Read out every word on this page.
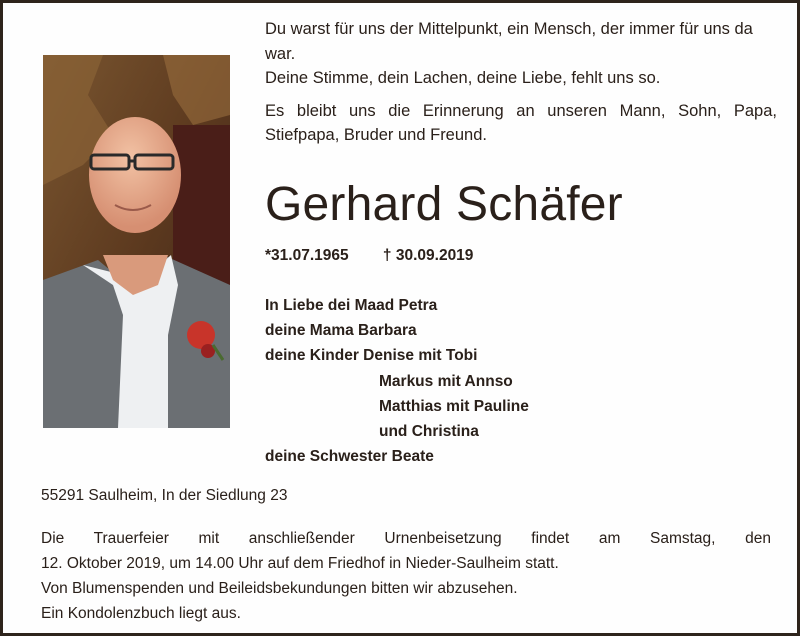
Du warst für uns der Mittelpunkt, ein Mensch, der immer für uns da war.

Deine Stimme, dein Lachen, deine Liebe, fehlt uns so.

Es bleibt uns die Erinnerung an unseren Mann, Sohn, Papa, Stiefpapa, Bruder und Freund.

Gerhard Schäfer
*31.07.1965 † 30.09.2019
In Liebe dei Maad Petra
deine Mama Barbara
deine Kinder Denise mit Tobi
Markus mit Annso
Matthias mit Pauline
und Christina
deine Schwester Beate
55291 Saulheim, In der Siedlung 23

Die Trauerfeier mit anschließender Urnenbeisetzung findet am Samstag, den

12. Oktober 2019, um 14.00 Uhr auf dem Friedhof in Nieder-Saulheim statt.

Von Blumenspenden und Beileidsbekundungen bitten wir abzusehen.

Ein Kondolenzbuch liegt aus.
